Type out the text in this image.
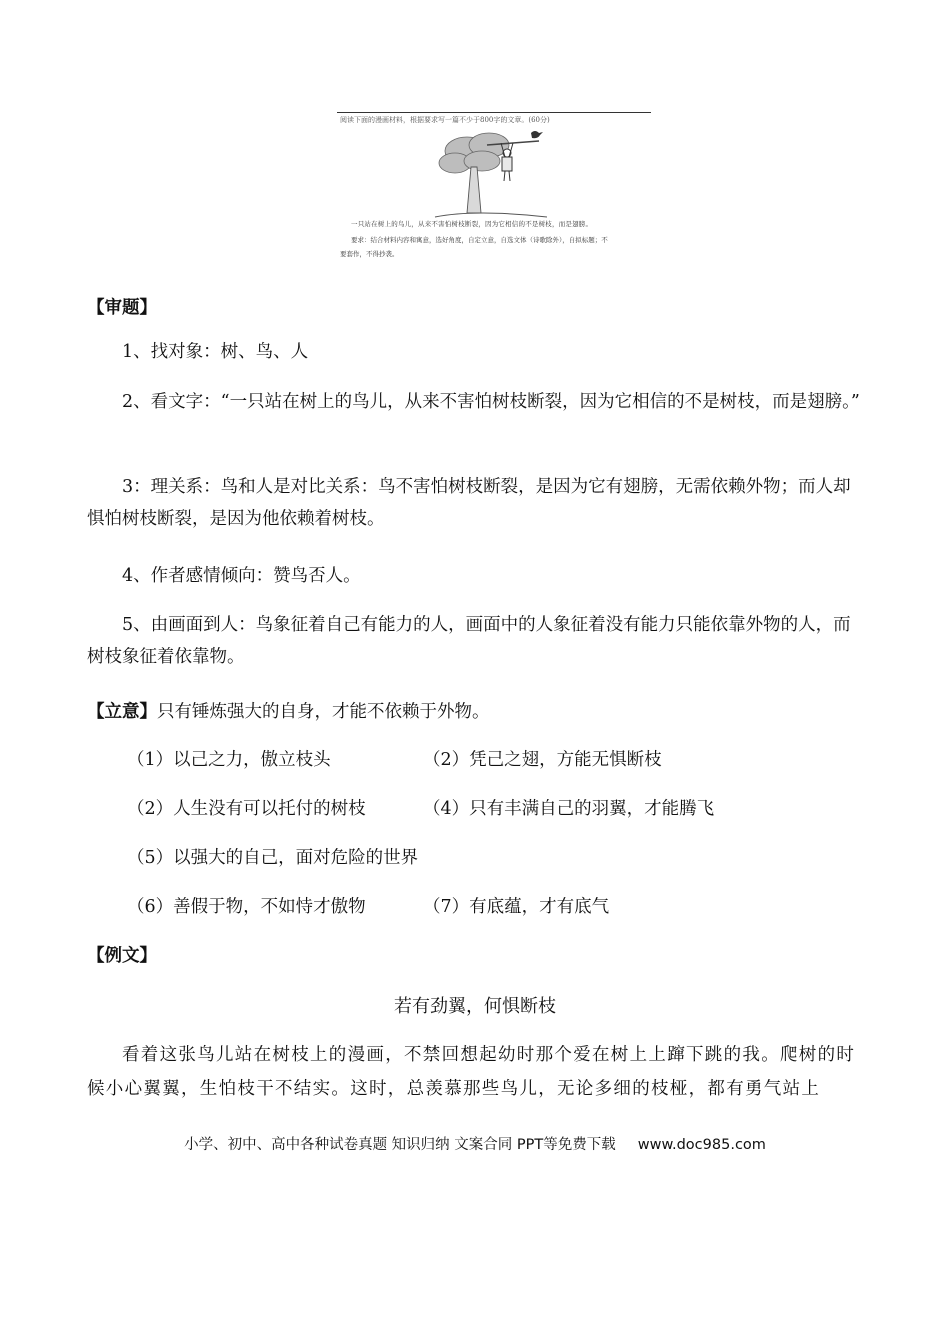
阅读下面的漫画材料，根据要求写一篇不少于800字的文章。(60分)
一只站在树上的鸟儿，从来不害怕树枝断裂，因为它相信的不是树枝，而是翅膀。
要求：结合材料内容和寓意，选好角度，自定立意，自选文体（诗歌除外），自拟标题；不
要套作，不得抄袭。
【审题】
1、找对象：树、鸟、人
2、看文字：“一只站在树上的鸟儿，从来不害怕树枝断裂，因为它相信的不是树枝，而是翅膀。”
3：理关系：鸟和人是对比关系：鸟不害怕树枝断裂，是因为它有翅膀，无需依赖外物；而人却惧怕树枝断裂，是因为他依赖着树枝。
4、作者感情倾向：赞鸟否人。
5、由画面到人：鸟象征着自己有能力的人，画面中的人象征着没有能力只能依靠外物的人，而树枝象征着依靠物。
【立意】只有锤炼强大的自身，才能不依赖于外物。
（1）以己之力，傲立枝头	（2）凭己之翅，方能无惧断枝
（2）人生没有可以托付的树枝	（4）只有丰满自己的羽翼，才能腾飞
（5）以强大的自己，面对危险的世界
（6）善假于物，不如恃才傲物	（7）有底蕴，才有底气
【例文】
若有劲翼，何惧断枝
看着这张鸟儿站在树枝上的漫画，不禁回想起幼时那个爱在树上上蹿下跳的我。爬树的时候小心翼翼，生怕枝干不结实。这时，总羡慕那些鸟儿，无论多细的枝桠，都有勇气站上
小学、初中、高中各种试卷真题 知识归纳 文案合同 PPT等免费下载 www.doc985.com
